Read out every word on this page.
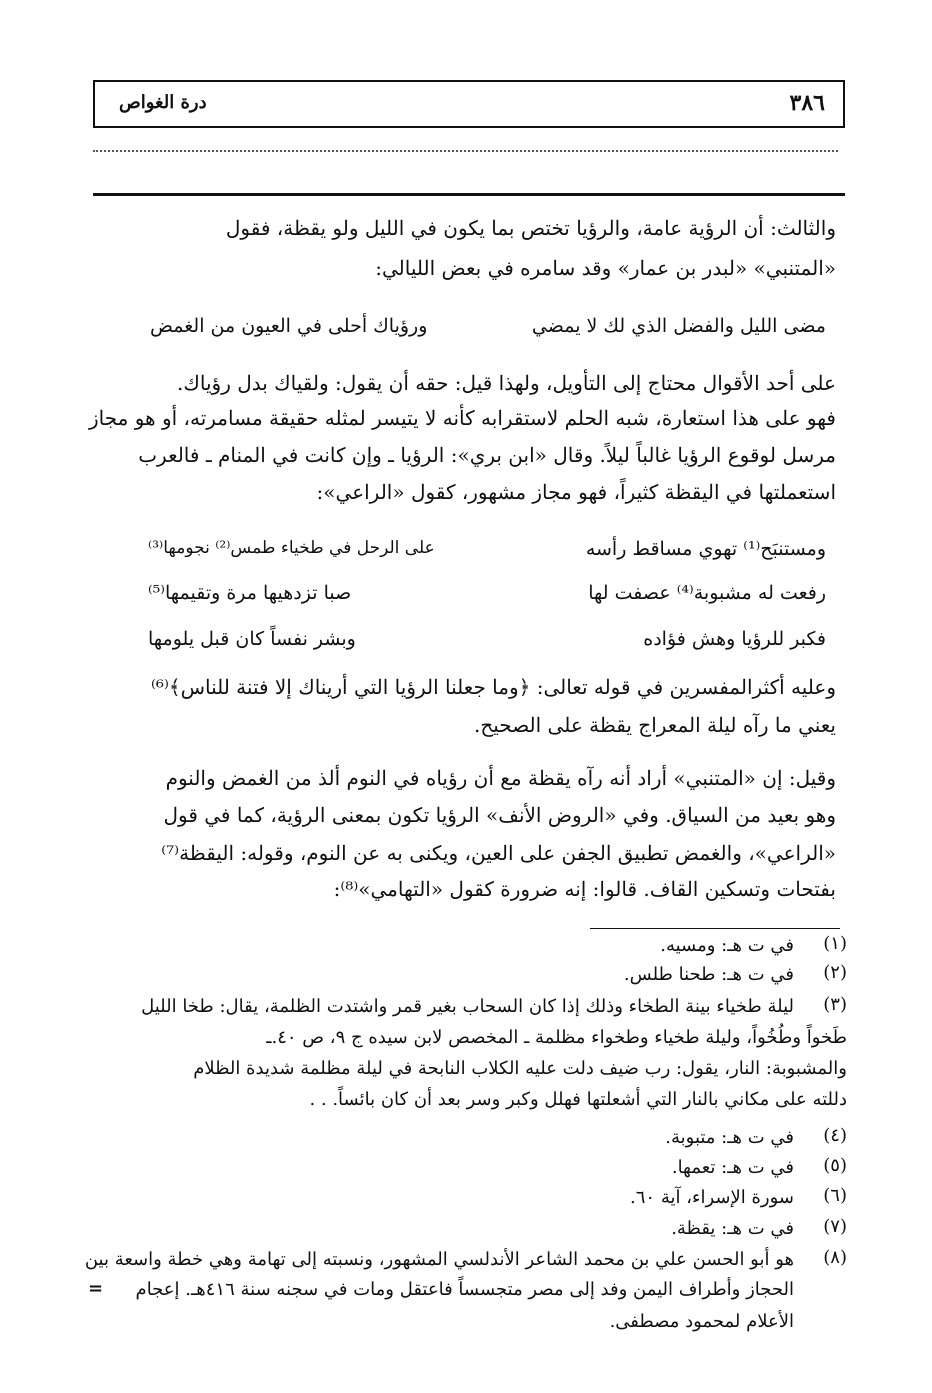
٣٨٦
درة الغواص
والثالث: أن الرؤية عامة، والرؤيا تختص بما يكون في الليل ولو يقظة، فقول
«المتنبي» «لبدر بن عمار» وقد سامره في بعض الليالي:
مضى الليل والفضل الذي لك لا يمضي
ورؤياك أحلى في العيون من الغمض
على أحد الأقوال محتاج إلى التأويل، ولهذا قيل: حقه أن يقول: ولقياك بدل رؤياك.
فهو على هذا استعارة، شبه الحلم لاستقرابه كأنه لا يتيسر لمثله حقيقة مسامرته، أو هو مجاز
مرسل لوقوع الرؤيا غالباً ليلاً. وقال «ابن بري»: الرؤيا ـ وإن كانت في المنام ـ فالعرب
استعملتها في اليقظة كثيراً، فهو مجاز مشهور، كقول «الراعي»:
ومستنبَح⁽¹⁾ تهوي مساقط رأسه
على الرحل في طخياء طمس⁽²⁾ نجومها⁽³⁾
رفعت له مشبوبة⁽⁴⁾ عصفت لها
صبا تزدهيها مرة وتقيمها⁽⁵⁾
فكبر للرؤيا وهش فؤاده
وبشر نفساً كان قبل يلومها
وعليه أكثرالمفسرين في قوله تعالى: ﴿وما جعلنا الرؤيا التي أريناك إلا فتنة للناس﴾⁽⁶⁾
يعني ما رآه ليلة المعراج يقظة على الصحيح.
وقيل: إن «المتنبي» أراد أنه رآه يقظة مع أن رؤياه في النوم ألذ من الغمض والنوم
وهو بعيد من السياق. وفي «الروض الأنف» الرؤيا تكون بمعنى الرؤية، كما في قول
«الراعي»، والغمض تطبيق الجفن على العين، ويكنى به عن النوم، وقوله: اليقظة⁽⁷⁾
بفتحات وتسكين القاف. قالوا: إنه ضرورة كقول «التهامي»⁽⁸⁾:
(١)
في ت هـ: ومسيه.
(٢)
في ت هـ: طحنا طلس.
(٣)
ليلة طخياء بينة الطخاء وذلك إذا كان السحاب بغير قمر واشتدت الظلمة، يقال: طخا الليل
طَخواً وطُخُواً، وليلة طخياء وطخواء مظلمة ـ المخصص لابن سيده ج ٩، ص ٤٠.ـ
والمشبوبة: النار، يقول: رب ضيف دلت عليه الكلاب النابحة في ليلة مظلمة شديدة الظلام
دللته على مكاني بالنار التي أشعلتها فهلل وكبر وسر بعد أن كان بائساً. . .
(٤)
في ت هـ: متبوبة.
(٥)
في ت هـ: تعمها.
(٦)
سورة الإسراء، آية ٦٠.
(٧)
في ت هـ: يقظة.
(٨)
هو أبو الحسن علي بن محمد الشاعر الأندلسي المشهور، ونسبته إلى تهامة وهي خطة واسعة بين
الحجاز وأطراف اليمن وفد إلى مصر متجسساً فاعتقل ومات في سجنه سنة ٤١٦هـ. إعجام
الأعلام لمحمود مصطفى.
=
